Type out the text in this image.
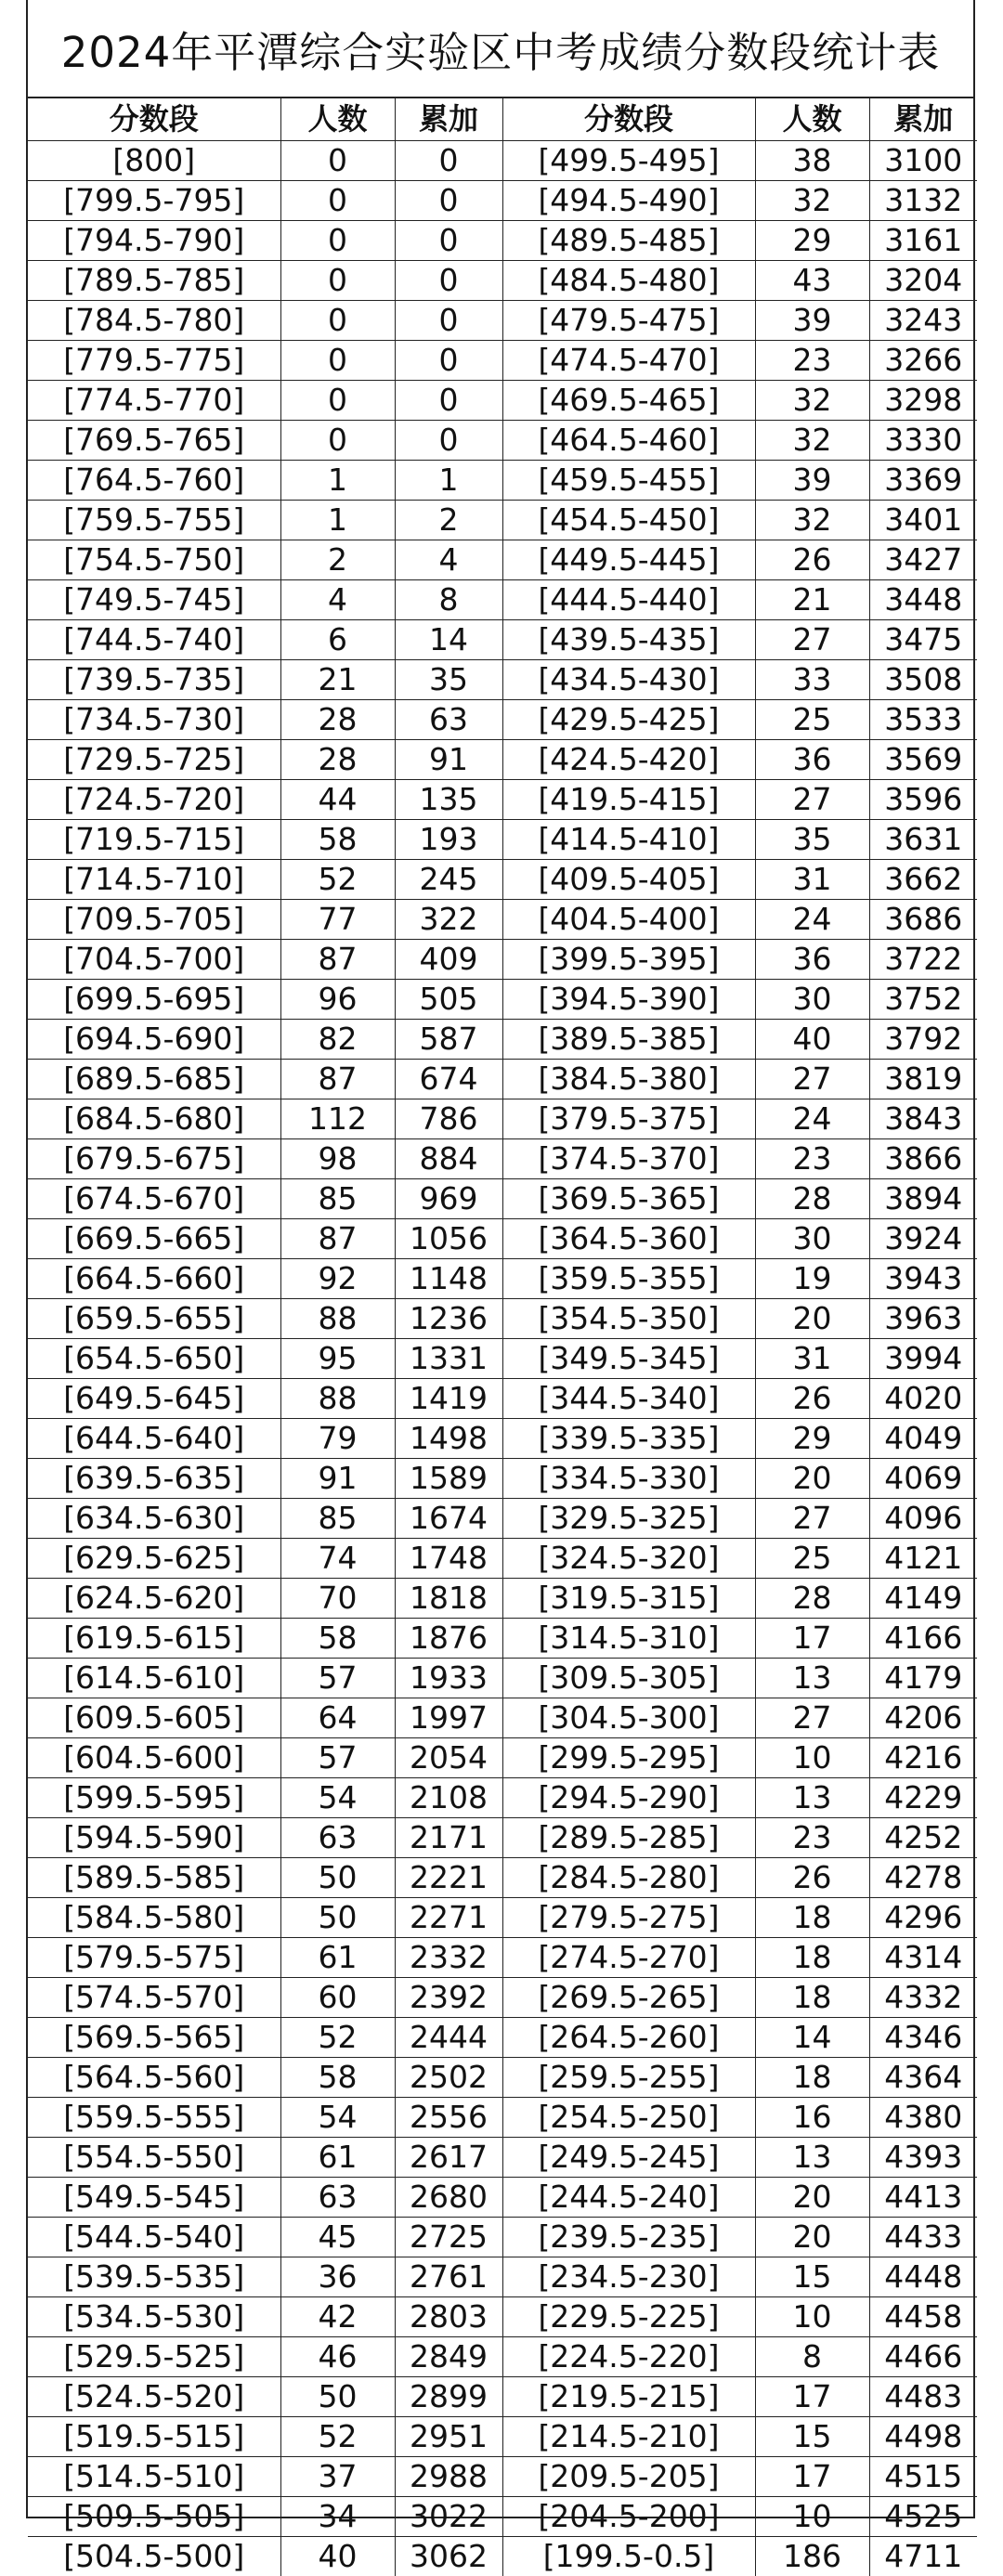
2024年平潭综合实验区中考成绩分数段统计表
分数段	人数	累加	分数段	人数	累加
[800]	0	0	[499.5-495]	38	3100
[799.5-795]	0	0	[494.5-490]	32	3132
[794.5-790]	0	0	[489.5-485]	29	3161
[789.5-785]	0	0	[484.5-480]	43	3204
[784.5-780]	0	0	[479.5-475]	39	3243
[779.5-775]	0	0	[474.5-470]	23	3266
[774.5-770]	0	0	[469.5-465]	32	3298
[769.5-765]	0	0	[464.5-460]	32	3330
[764.5-760]	1	1	[459.5-455]	39	3369
[759.5-755]	1	2	[454.5-450]	32	3401
[754.5-750]	2	4	[449.5-445]	26	3427
[749.5-745]	4	8	[444.5-440]	21	3448
[744.5-740]	6	14	[439.5-435]	27	3475
[739.5-735]	21	35	[434.5-430]	33	3508
[734.5-730]	28	63	[429.5-425]	25	3533
[729.5-725]	28	91	[424.5-420]	36	3569
[724.5-720]	44	135	[419.5-415]	27	3596
[719.5-715]	58	193	[414.5-410]	35	3631
[714.5-710]	52	245	[409.5-405]	31	3662
[709.5-705]	77	322	[404.5-400]	24	3686
[704.5-700]	87	409	[399.5-395]	36	3722
[699.5-695]	96	505	[394.5-390]	30	3752
[694.5-690]	82	587	[389.5-385]	40	3792
[689.5-685]	87	674	[384.5-380]	27	3819
[684.5-680]	112	786	[379.5-375]	24	3843
[679.5-675]	98	884	[374.5-370]	23	3866
[674.5-670]	85	969	[369.5-365]	28	3894
[669.5-665]	87	1056	[364.5-360]	30	3924
[664.5-660]	92	1148	[359.5-355]	19	3943
[659.5-655]	88	1236	[354.5-350]	20	3963
[654.5-650]	95	1331	[349.5-345]	31	3994
[649.5-645]	88	1419	[344.5-340]	26	4020
[644.5-640]	79	1498	[339.5-335]	29	4049
[639.5-635]	91	1589	[334.5-330]	20	4069
[634.5-630]	85	1674	[329.5-325]	27	4096
[629.5-625]	74	1748	[324.5-320]	25	4121
[624.5-620]	70	1818	[319.5-315]	28	4149
[619.5-615]	58	1876	[314.5-310]	17	4166
[614.5-610]	57	1933	[309.5-305]	13	4179
[609.5-605]	64	1997	[304.5-300]	27	4206
[604.5-600]	57	2054	[299.5-295]	10	4216
[599.5-595]	54	2108	[294.5-290]	13	4229
[594.5-590]	63	2171	[289.5-285]	23	4252
[589.5-585]	50	2221	[284.5-280]	26	4278
[584.5-580]	50	2271	[279.5-275]	18	4296
[579.5-575]	61	2332	[274.5-270]	18	4314
[574.5-570]	60	2392	[269.5-265]	18	4332
[569.5-565]	52	2444	[264.5-260]	14	4346
[564.5-560]	58	2502	[259.5-255]	18	4364
[559.5-555]	54	2556	[254.5-250]	16	4380
[554.5-550]	61	2617	[249.5-245]	13	4393
[549.5-545]	63	2680	[244.5-240]	20	4413
[544.5-540]	45	2725	[239.5-235]	20	4433
[539.5-535]	36	2761	[234.5-230]	15	4448
[534.5-530]	42	2803	[229.5-225]	10	4458
[529.5-525]	46	2849	[224.5-220]	8	4466
[524.5-520]	50	2899	[219.5-215]	17	4483
[519.5-515]	52	2951	[214.5-210]	15	4498
[514.5-510]	37	2988	[209.5-205]	17	4515
[509.5-505]	34	3022	[204.5-200]	10	4525
[504.5-500]	40	3062	[199.5-0.5]	186	4711
